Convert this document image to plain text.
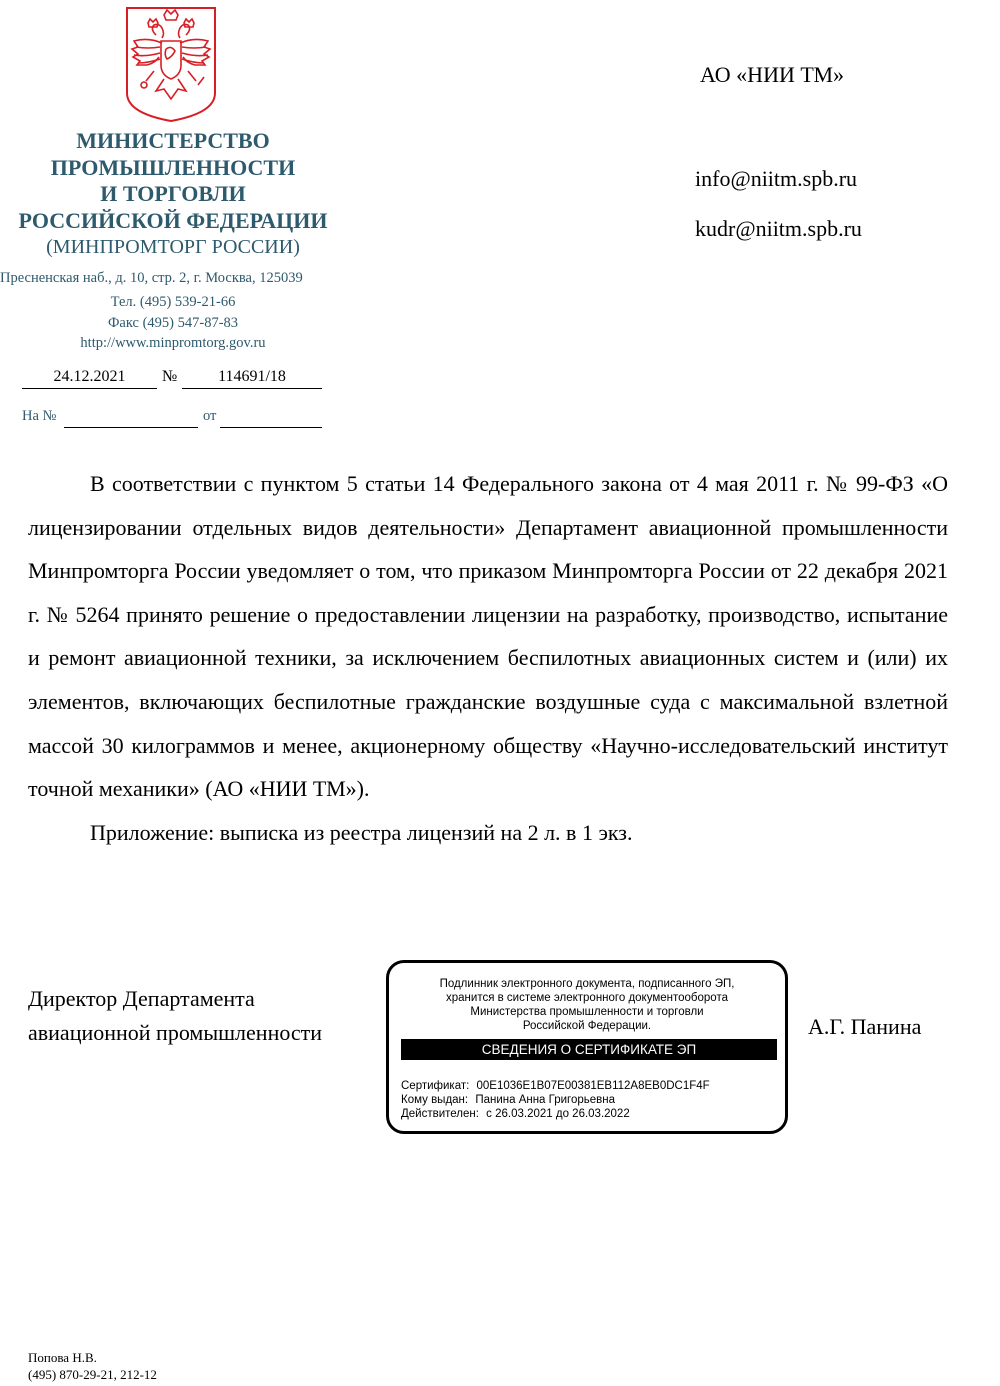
МИНИСТЕРСТВО
ПРОМЫШЛЕННОСТИ
И ТОРГОВЛИ
РОССИЙСКОЙ ФЕДЕРАЦИИ
(МИНПРОМТОРГ РОССИИ)
Пресненская наб., д. 10, стр. 2, г. Москва, 125039
Тел. (495) 539-21-66
Факс (495) 547-87-83
http://www.minpromtorg.gov.ru
24.12.2021	№	114691/18
На №	от
АО «НИИ ТМ»
info@niitm.spb.ru
kudr@niitm.spb.ru

В соответствии с пунктом 5 статьи 14 Федерального закона от 4 мая 2011 г. № 99-ФЗ «О лицензировании отдельных видов деятельности» Департамент авиационной промышленности Минпромторга России уведомляет о том, что приказом Минпромторга России от 22 декабря 2021 г. № 5264 принято решение о предоставлении лицензии на разработку, производство, испытание и ремонт авиационной техники, за исключением беспилотных авиационных систем и (или) их элементов, включающих беспилотные гражданские воздушные суда с максимальной взлетной массой 30 килограммов и менее, акционерному обществу «Научно-исследовательский институт точной механики» (АО «НИИ ТМ»).

Приложение: выписка из реестра лицензий на 2 л. в 1 экз.

Директор Департамента
авиационной промышленности	А.Г. Панина
Подлинник электронного документа, подписанного ЭП,
хранится в системе электронного документооборота
Министерства промышленности и торговли
Российской Федерации.
СВЕДЕНИЯ О СЕРТИФИКАТЕ ЭП
Сертификат: 00E1036E1B07E00381EB112A8EB0DC1F4F
Кому выдан: Панина Анна Григорьевна
Действителен: с 26.03.2021 до 26.03.2022
Попова Н.В.
(495) 870-29-21, 212-12
